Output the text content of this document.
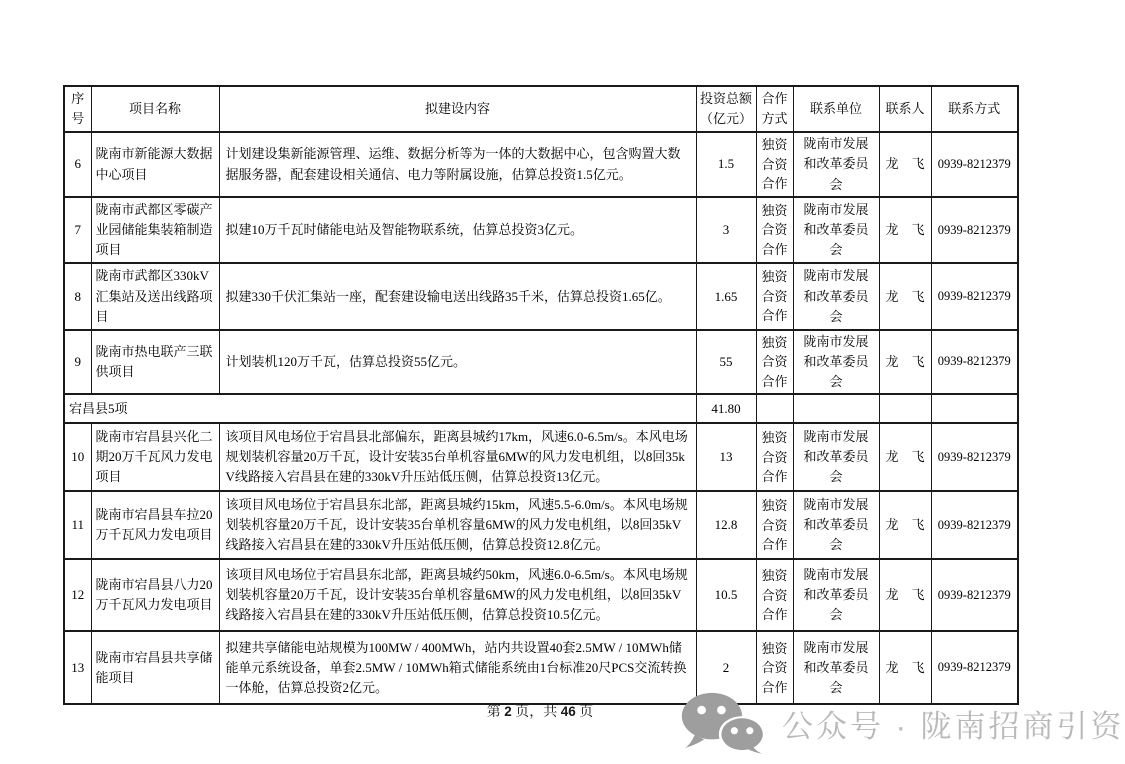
序号	项目名称	拟建设内容	投资总额（亿元）	合作方式	联系单位	联系人	联系方式
6	陇南市新能源大数据中心项目	计划建设集新能源管理、运维、数据分析等为一体的大数据中心，包含购置大数据服务器，配套建设相关通信、电力等附属设施，估算总投资1.5亿元。	1.5	独资合资合作	陇南市发展和改革委员会	龙　飞	0939-8212379
7	陇南市武都区零碳产业园储能集装箱制造项目	拟建10万千瓦时储能电站及智能物联系统，估算总投资3亿元。	3	独资合资合作	陇南市发展和改革委员会	龙　飞	0939-8212379
8	陇南市武都区330kV汇集站及送出线路项目	拟建330千伏汇集站一座，配套建设输电送出线路35千米，估算总投资1.65亿。	1.65	独资合资合作	陇南市发展和改革委员会	龙　飞	0939-8212379
9	陇南市热电联产三联供项目	计划装机120万千瓦，估算总投资55亿元。	55	独资合资合作	陇南市发展和改革委员会	龙　飞	0939-8212379
宕昌县5项			41.80				
10	陇南市宕昌县兴化二期20万千瓦风力发电项目	该项目风电场位于宕昌县北部偏东，距离县城约17km，风速6.0-6.5m/s。本风电场规划装机容量20万千瓦，设计安装35台单机容量6MW的风力发电机组，以8回35kV线路接入宕昌县在建的330kV升压站低压侧，估算总投资13亿元。	13	独资合资合作	陇南市发展和改革委员会	龙　飞	0939-8212379
11	陇南市宕昌县车拉20万千瓦风力发电项目	该项目风电场位于宕昌县东北部，距离县城约15km，风速5.5-6.0m/s。本风电场规划装机容量20万千瓦，设计安装35台单机容量6MW的风力发电机组，以8回35kV线路接入宕昌县在建的330kV升压站低压侧，估算总投资12.8亿元。	12.8	独资合资合作	陇南市发展和改革委员会	龙　飞	0939-8212379
12	陇南市宕昌县八力20万千瓦风力发电项目	该项目风电场位于宕昌县东北部，距离县城约50km，风速6.0-6.5m/s。本风电场规划装机容量20万千瓦，设计安装35台单机容量6MW的风力发电机组，以8回35kV线路接入宕昌县在建的330kV升压站低压侧，估算总投资10.5亿元。	10.5	独资合资合作	陇南市发展和改革委员会	龙　飞	0939-8212379
13	陇南市宕昌县共享储能项目	拟建共享储能电站规模为100MW / 400MWh，站内共设置40套2.5MW / 10MWh储能单元系统设备，单套2.5MW / 10MWh箱式储能系统由1台标准20尺PCS交流转换一体舱，估算总投资2亿元。	2	独资合资合作	陇南市发展和改革委员会	龙　飞	0939-8212379
第 2 页，共 46 页	公众号 · 陇南招商引资
